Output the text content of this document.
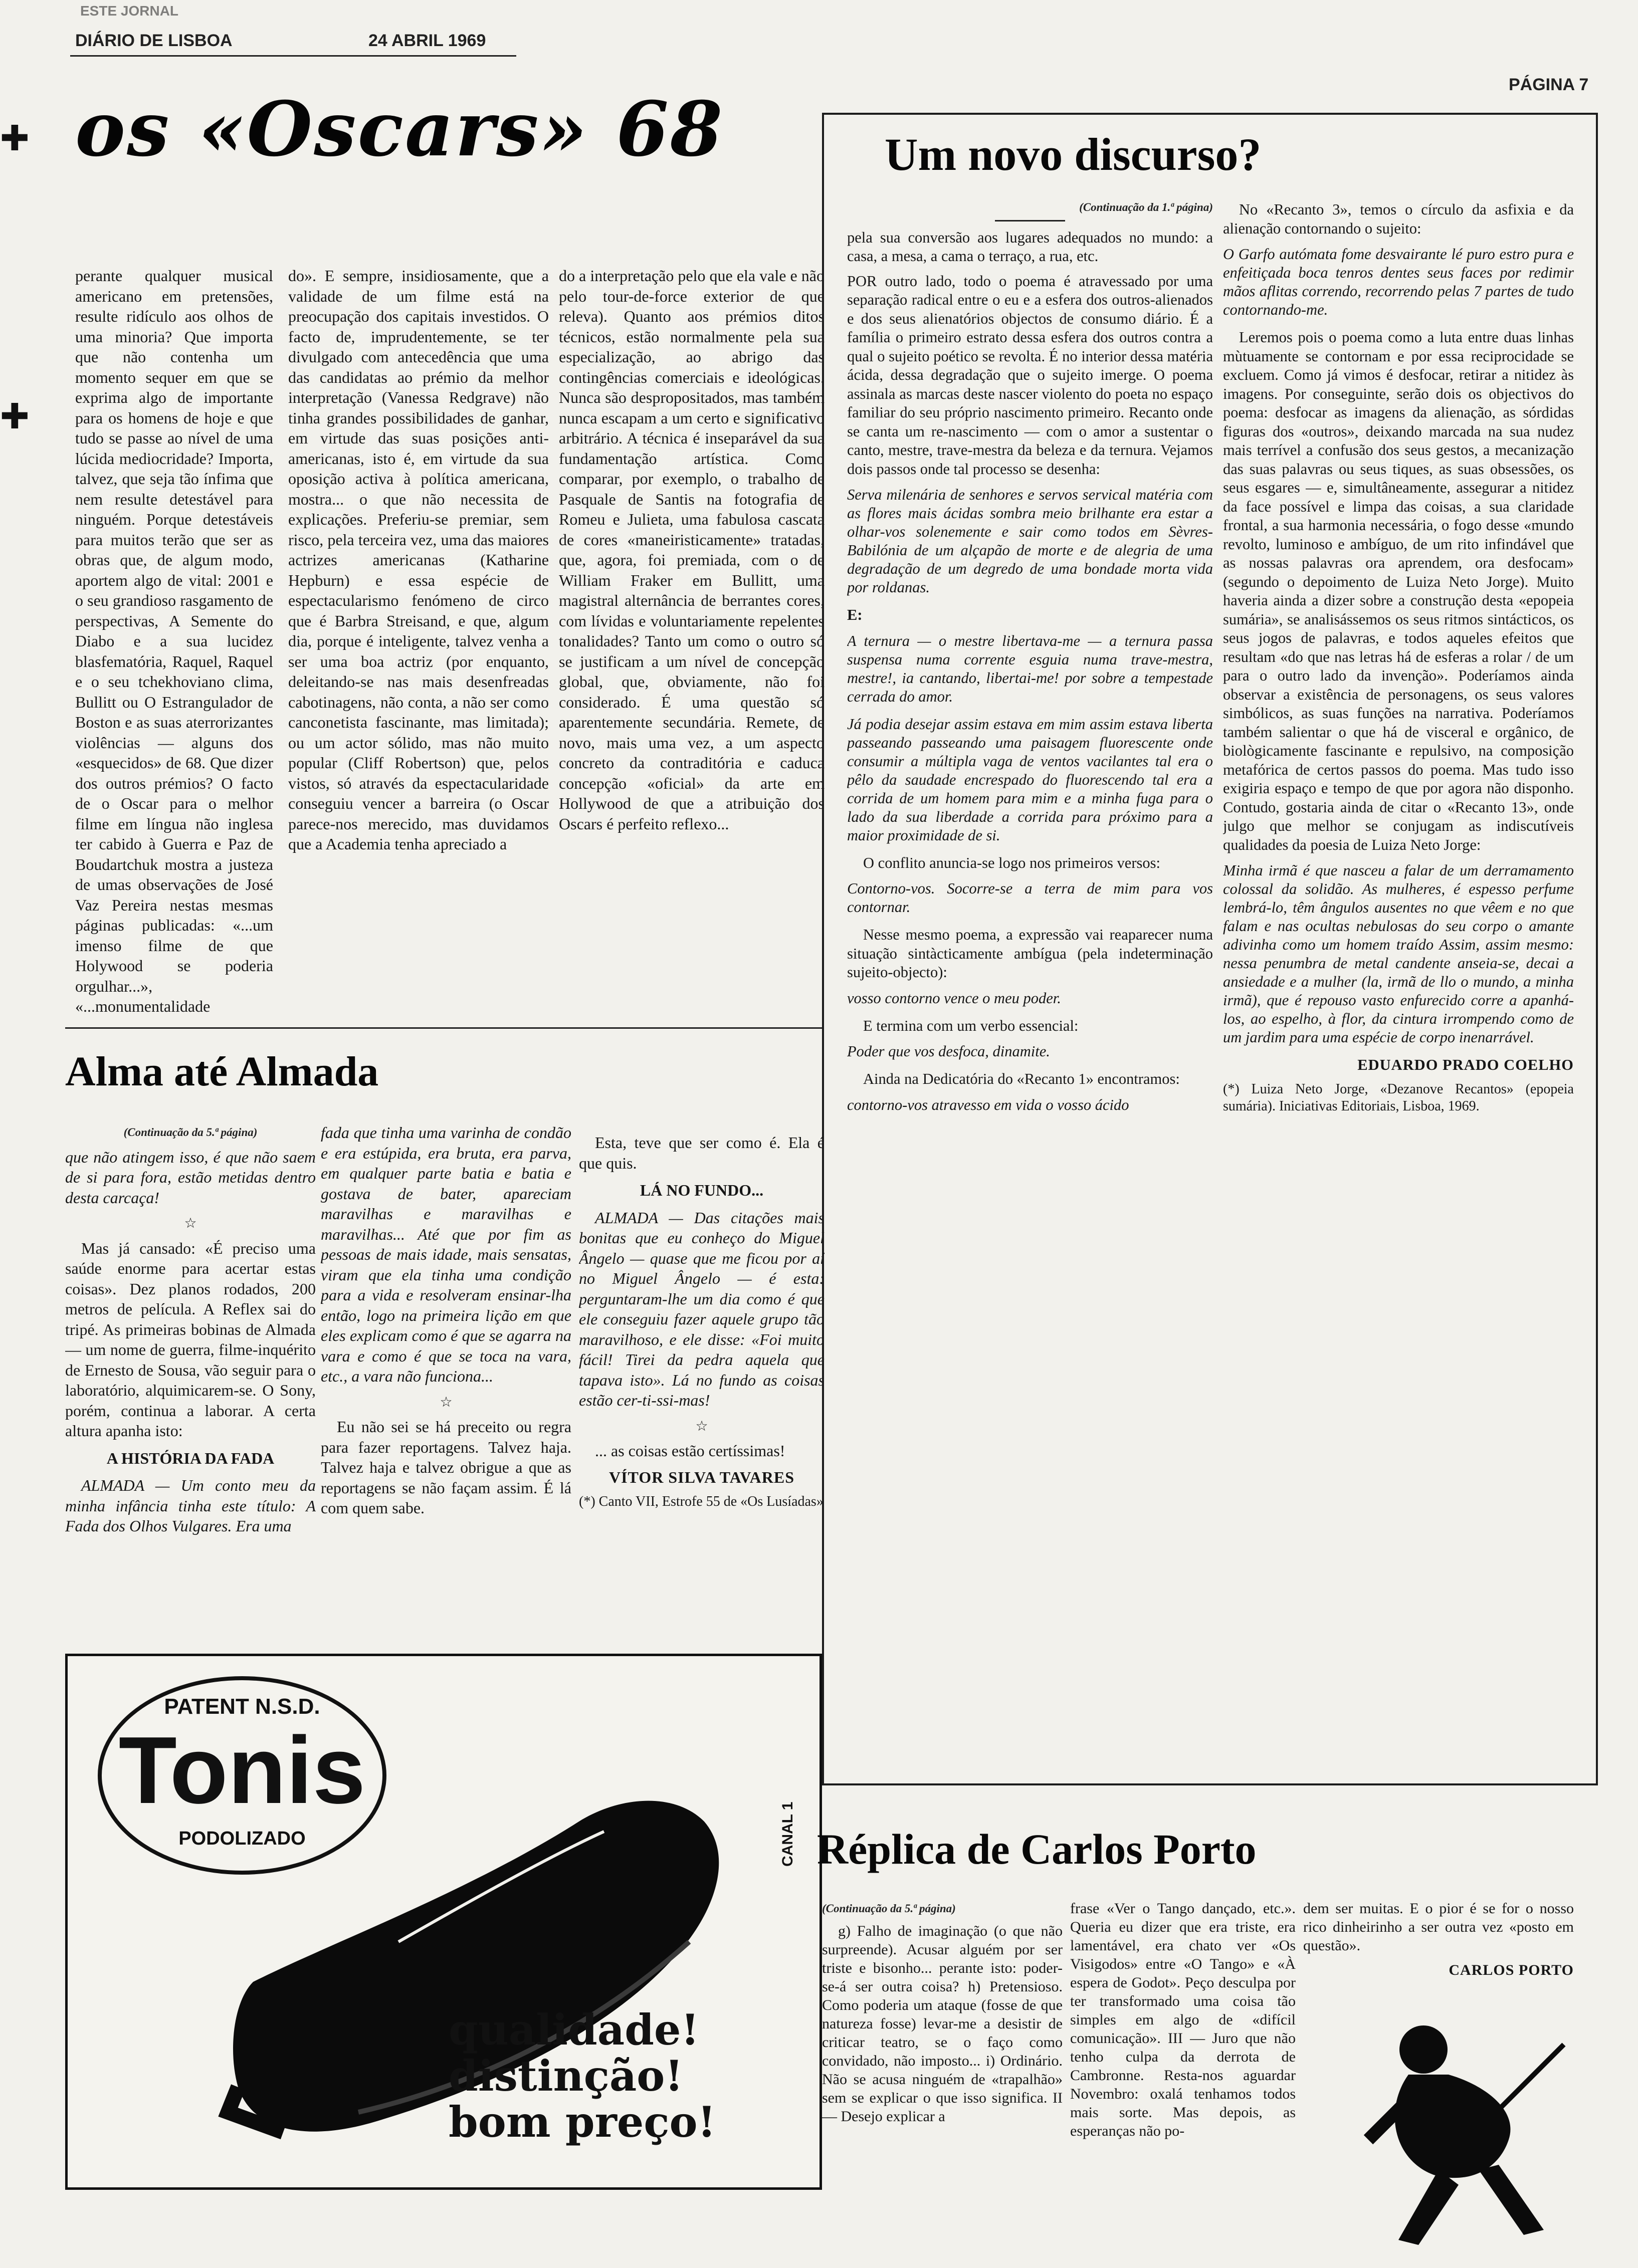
ESTE JORNAL
DIÁRIO DE LISBOA	24 ABRIL 1969
PÁGINA 7
✚
✚
os «Oscars» 68

perante qualquer musical americano em pretensões, resulte ridículo aos olhos de uma minoria? Que importa que não contenha um momento sequer em que se exprima algo de importante para os homens de hoje e que tudo se passe ao nível de uma lúcida mediocridade? Importa, talvez, que seja tão ínfima que nem resulte detestável para ninguém. Porque detestáveis para muitos terão que ser as obras que, de algum modo, aportem algo de vital: 2001 e o seu grandioso rasgamento de perspectivas, A Semente do Diabo e a sua lucidez blasfematória, Raquel, Raquel e o seu tchekhoviano clima, Bullitt ou O Estrangulador de Boston e as suas aterrorizantes violências — alguns dos «esquecidos» de 68. Que dizer dos outros prémios? O facto de o Oscar para o melhor filme em língua não inglesa ter cabido à Guerra e Paz de Boudartchuk mostra a justeza de umas observações de José Vaz Pereira nestas mesmas páginas publicadas: «...um imenso filme de que Holywood se poderia orgulhar...», «...monumentalidade

do». E sempre, insidiosamente, que a validade de um filme está na preocupação dos capitais investidos. O facto de, imprudentemente, se ter divulgado com antecedência que uma das candidatas ao prémio da melhor interpretação (Vanessa Redgrave) não tinha grandes possibilidades de ganhar, em virtude das suas posições anti-americanas, isto é, em virtude da sua oposição activa à política americana, mostra... o que não necessita de explicações. Preferiu-se premiar, sem risco, pela terceira vez, uma das maiores actrizes americanas (Katharine Hepburn) e essa espécie de espectacularismo fenómeno de circo que é Barbra Streisand, e que, algum dia, porque é inteligente, talvez venha a ser uma boa actriz (por enquanto, deleitando-se nas mais desenfreadas cabotinagens, não conta, a não ser como canconetista fascinante, mas limitada); ou um actor sólido, mas não muito popular (Cliff Robertson) que, pelos vistos, só através da espectacularidade conseguiu vencer a barreira (o Oscar parece-nos merecido, mas duvidamos que a Academia tenha apreciado a

do a interpretação pelo que ela vale e não pelo tour-de-force exterior de que releva). Quanto aos prémios ditos técnicos, estão normalmente pela sua especialização, ao abrigo das contingências comerciais e ideológicas. Nunca são despropositados, mas também nunca escapam a um certo e significativo arbitrário. A técnica é inseparável da sua fundamentação artística. Como comparar, por exemplo, o trabalho de Pasquale de Santis na fotografia de Romeu e Julieta, uma fabulosa cascata de cores «maneiristicamente» tratadas, que, agora, foi premiada, com o de William Fraker em Bullitt, uma magistral alternância de berrantes cores, com lívidas e voluntariamente repelentes tonalidades? Tanto um como o outro só se justificam a um nível de concepção global, que, obviamente, não foi considerado. É uma questão só aparentemente secundária. Remete, de novo, mais uma vez, a um aspecto concreto da contraditória e caduca concepção «oficial» da arte em Hollywood de que a atribuição dos Oscars é perfeito reflexo...

Alma até Almada
(Continuação da 5.ª página)

que não atingem isso, é que não saem de si para fora, estão metidas dentro desta carcaça!

☆

Mas já cansado: «É preciso uma saúde enorme para acertar estas coisas». Dez planos rodados, 200 metros de película. A Reflex sai do tripé. As primeiras bobinas de Almada — um nome de guerra, filme-inquérito de Ernesto de Sousa, vão seguir para o laboratório, alquimicarem-se. O Sony, porém, continua a laborar. A certa altura apanha isto:

A HISTÓRIA DA FADA

ALMADA — Um conto meu da minha infância tinha este título: A Fada dos Olhos Vulgares. Era uma

fada que tinha uma varinha de condão e era estúpida, era bruta, era parva, em qualquer parte batia e batia e gostava de bater, apareciam maravilhas e maravilhas e maravilhas... Até que por fim as pessoas de mais idade, mais sensatas, viram que ela tinha uma condição para a vida e resolveram ensinar-lha então, logo na primeira lição em que eles explicam como é que se agarra na vara e como é que se toca na vara, etc., a vara não funciona...

☆

Eu não sei se há preceito ou regra para fazer reportagens. Talvez haja. Talvez haja e talvez obrigue a que as reportagens se não façam assim. É lá com quem sabe.

Esta, teve que ser como é. Ela é que quis.

LÁ NO FUNDO...

ALMADA — Das citações mais bonitas que eu conheço do Miguel Ângelo — quase que me ficou por aí no Miguel Ângelo — é esta: perguntaram-lhe um dia como é que ele conseguiu fazer aquele grupo tão maravilhoso, e ele disse: «Foi muito fácil! Tirei da pedra aquela que tapava isto». Lá no fundo as coisas estão cer-ti-ssi-mas!

☆

... as coisas estão certíssimas!

VÍTOR SILVA TAVARES

(*) Canto VII, Estrofe 55 de «Os Lusíadas»

PATENT N.S.D.
Tonis
PODOLIZADO	CANAL 1
qualidade!
distinção!
bom preço!
Um novo discurso?
(Continuação da 1.ª página)

pela sua conversão aos lugares adequados no mundo: a casa, a mesa, a cama o terraço, a rua, etc.

POR outro lado, todo o poema é atravessado por uma separação radical entre o eu e a esfera dos outros-alienados e dos seus alienatórios objectos de consumo diário. É a família o primeiro estrato dessa esfera dos outros contra a qual o sujeito poético se revolta. É no interior dessa matéria ácida, dessa degradação que o sujeito imerge. O poema assinala as marcas deste nascer violento do poeta no espaço familiar do seu próprio nascimento primeiro. Recanto onde se canta um re-nascimento — com o amor a sustentar o canto, mestre, trave-mestra da beleza e da ternura. Vejamos dois passos onde tal processo se desenha:

Serva milenária de senhores e servos servical matéria com as flores mais ácidas sombra meio brilhante era estar a olhar-vos solenemente e sair como todos em Sèvres-Babilónia de um alçapão de morte e de alegria de uma degradação de um degredo de uma bondade morta vida por roldanas.

E:

A ternura — o mestre libertava-me — a ternura passa suspensa numa corrente esguia numa trave-mestra, mestre!, ia cantando, libertai-me! por sobre a tempestade cerrada do amor.

Já podia desejar assim estava em mim assim estava liberta passeando passeando uma paisagem fluorescente onde consumir a múltipla vaga de ventos vacilantes tal era o pêlo da saudade encrespado do fluorescendo tal era a corrida de um homem para mim e a minha fuga para o lado da sua liberdade a corrida para próximo para a maior proximidade de si.

O conflito anuncia-se logo nos primeiros versos:

Contorno-vos. Socorre-se a terra de mim para vos contornar.

Nesse mesmo poema, a expressão vai reaparecer numa situação sintàcticamente ambígua (pela indeterminação sujeito-objecto):

vosso contorno vence o meu poder.

E termina com um verbo essencial:

Poder que vos desfoca, dinamite.

Ainda na Dedicatória do «Recanto 1» encontramos:

contorno-vos atravesso em vida o vosso ácido

No «Recanto 3», temos o círculo da asfixia e da alienação contornando o sujeito:

O Garfo autómata fome desvairante lé puro estro pura e enfeitiçada boca tenros dentes seus faces por redimir mãos aflitas correndo, recorrendo pelas 7 partes de tudo contornando-me.

Leremos pois o poema como a luta entre duas linhas mùtuamente se contornam e por essa reciprocidade se excluem. Como já vimos é desfocar, retirar a nitidez às imagens. Por conseguinte, serão dois os objectivos do poema: desfocar as imagens da alienação, as sórdidas figuras dos «outros», deixando marcada na sua nudez mais terrível a confusão dos seus gestos, a mecanização das suas palavras ou seus tiques, as suas obsessões, os seus esgares — e, simultâneamente, assegurar a nitidez da face possível e limpa das coisas, a sua claridade frontal, a sua harmonia necessária, o fogo desse «mundo revolto, luminoso e ambíguo, de um rito infindável que as nossas palavras ora aprendem, ora desfocam» (segundo o depoimento de Luiza Neto Jorge). Muito haveria ainda a dizer sobre a construção desta «epopeia sumária», se analisássemos os seus ritmos sintácticos, os seus jogos de palavras, e todos aqueles efeitos que resultam «do que nas letras há de esferas a rolar / de um para o outro lado da invenção». Poderíamos ainda observar a existência de personagens, os seus valores simbólicos, as suas funções na narrativa. Poderíamos também salientar o que há de visceral e orgânico, de biològicamente fascinante e repulsivo, na composição metafórica de certos passos do poema. Mas tudo isso exigiria espaço e tempo de que por agora não disponho. Contudo, gostaria ainda de citar o «Recanto 13», onde julgo que melhor se conjugam as indiscutíveis qualidades da poesia de Luiza Neto Jorge:

Minha irmã é que nasceu a falar de um derramamento colossal da solidão. As mulheres, é espesso perfume lembrá-lo, têm ângulos ausentes no que vêem e no que falam e nas ocultas nebulosas do seu corpo o amante adivinha como um homem traído Assim, assim mesmo: nessa penumbra de metal candente anseia-se, decai a ansiedade e a mulher (la, irmã de llo o mundo, a minha irmã), que é repouso vasto enfurecido corre a apanhá-los, ao espelho, à flor, da cintura irrompendo como de um jardim para uma espécie de corpo inenarrável.

EDUARDO PRADO COELHO

(*) Luiza Neto Jorge, «Dezanove Recantos» (epopeia sumária). Iniciativas Editoriais, Lisboa, 1969.

Réplica de Carlos Porto
(Continuação da 5.ª página)

g) Falho de imaginação (o que não surpreende). Acusar alguém por ser triste e bisonho... perante isto: poder-se-á ser outra coisa? h) Pretensioso. Como poderia um ataque (fosse de que natureza fosse) levar-me a desistir de criticar teatro, se o faço como convidado, não imposto... i) Ordinário. Não se acusa ninguém de «trapalhão» sem se explicar o que isso significa. II — Desejo explicar a

frase «Ver o Tango dançado, etc.». Queria eu dizer que era triste, era lamentável, era chato ver «Os Visigodos» entre «O Tango» e «À espera de Godot». Peço desculpa por ter transformado uma coisa tão simples em algo de «difícil comunicação». III — Juro que não tenho culpa da derrota de Cambronne. Resta-nos aguardar Novembro: oxalá tenhamos todos mais sorte. Mas depois, as esperanças não po-

dem ser muitas. E o pior é se for o nosso rico dinheirinho a ser outra vez «posto em questão».

CARLOS PORTO
